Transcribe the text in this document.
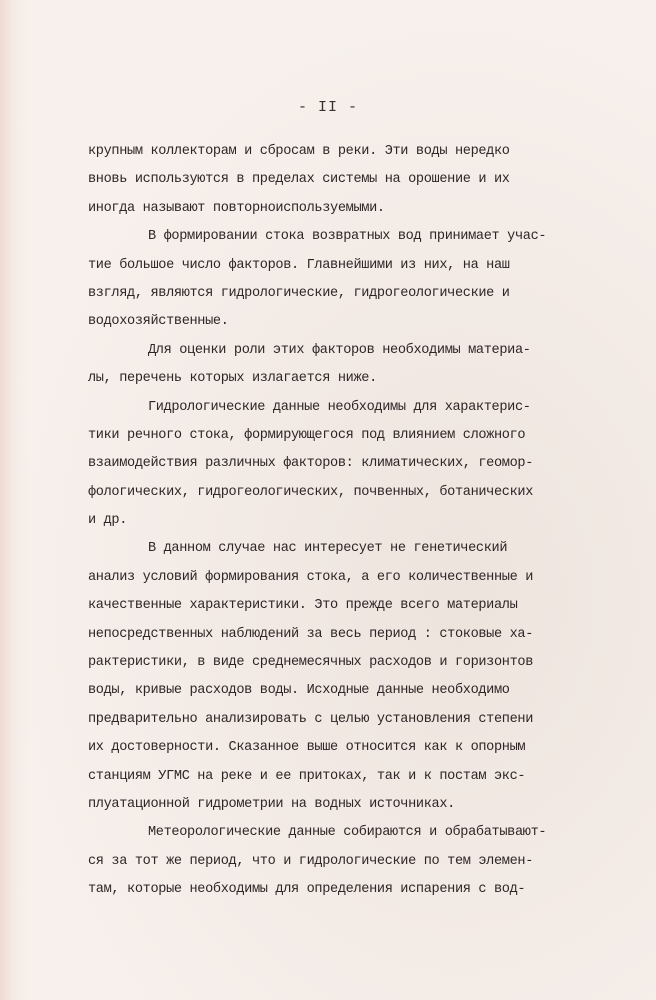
- II -
крупным коллекторам и сбросам в реки. Эти воды нередко
вновь используются в пределах системы на орошение и их
иногда называют повторноиспользуемыми.
В формировании стока возвратных вод принимает учас-
тие большое число факторов. Главнейшими из них, на наш
взгляд, являются гидрологические, гидрогеологические и
водохозяйственные.
Для оценки роли этих факторов необходимы материа-
лы, перечень которых излагается ниже.
Гидрологические данные необходимы для характерис-
тики речного стока, формирующегося под влиянием сложного
взаимодействия различных факторов: климатических, геомор-
фологических, гидрогеологических, почвенных, ботанических
и др.
В данном случае нас интересует не генетический
анализ условий формирования стока, а его количественные и
качественные характеристики. Это прежде всего материалы
непосредственных наблюдений за весь период : стоковые ха-
рактеристики, в виде среднемесячных расходов и горизонтов
воды, кривые расходов воды. Исходные данные необходимо
предварительно анализировать с целью установления степени
их достоверности. Сказанное выше относится как к опорным
станциям УГМС на реке и ее притоках, так и к постам экс-
плуатационной гидрометрии на водных источниках.
Метеорологические данные собираются и обрабатывают-
ся за тот же период, что и гидрологические по тем элемен-
там, которые необходимы для определения испарения с вод-
